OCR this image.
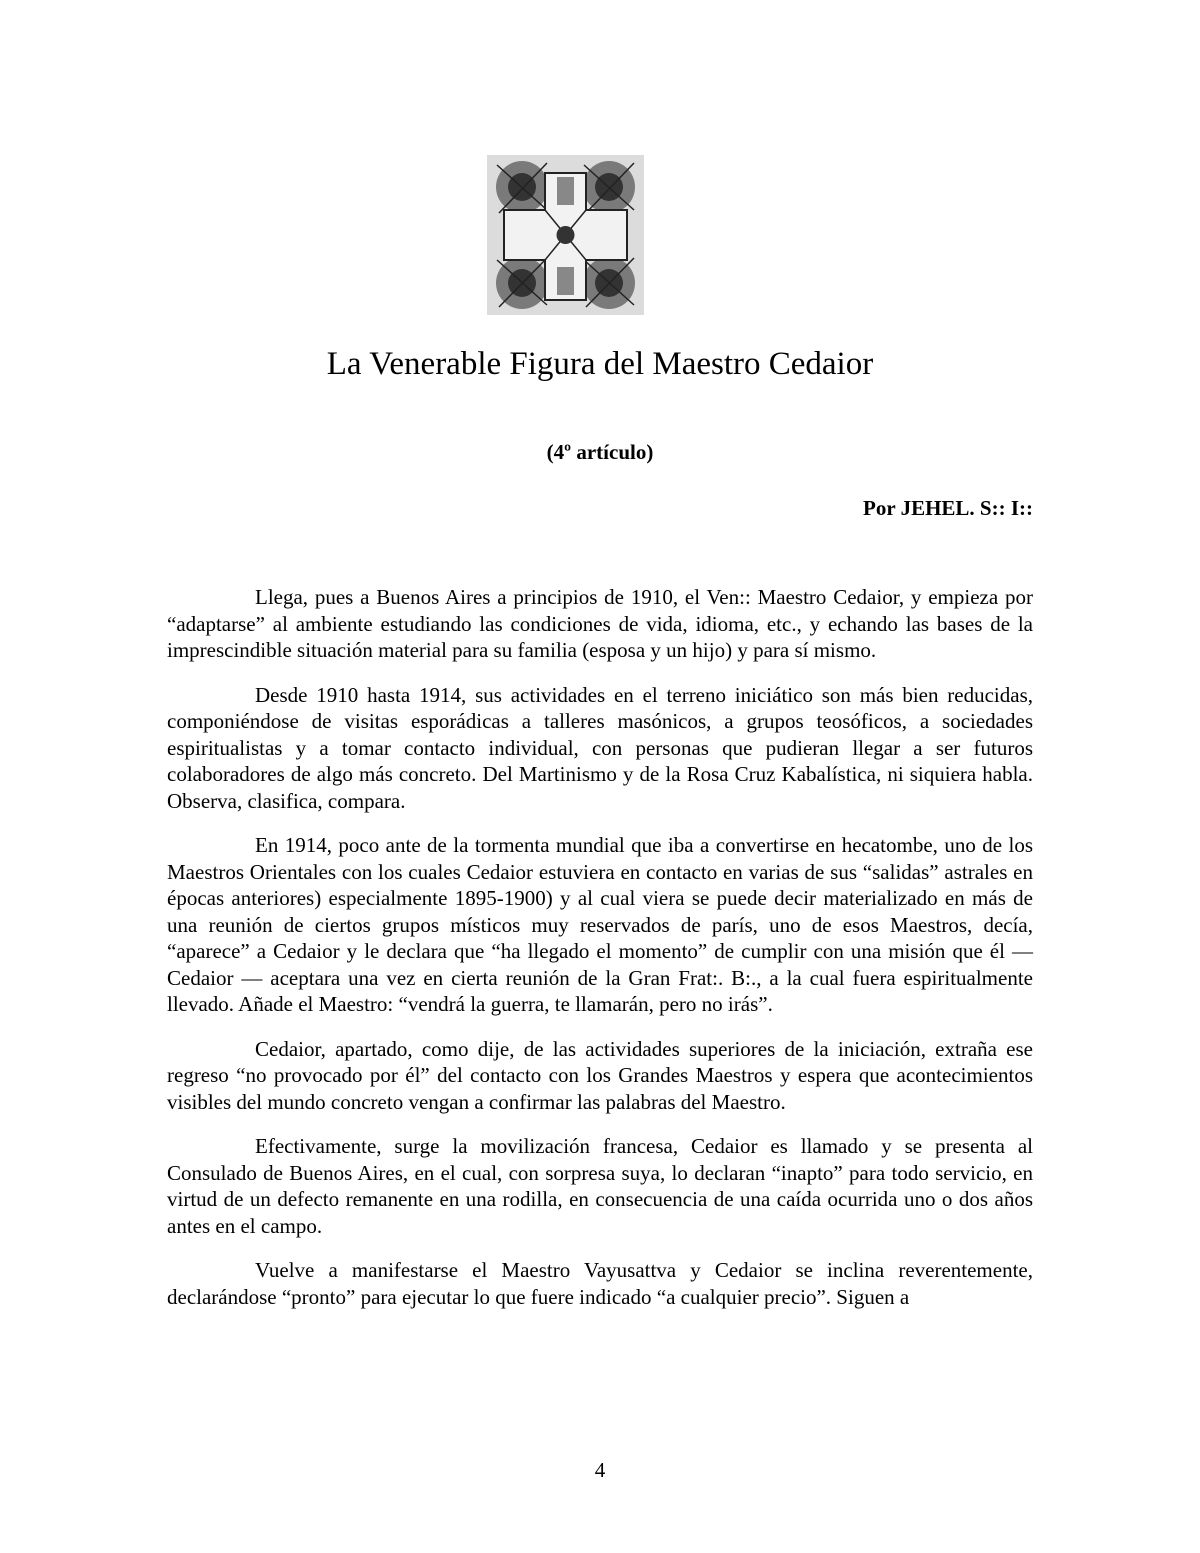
La Venerable Figura del Maestro Cedaior
(4º artículo)
Por JEHEL. S:: I::

Llega, pues a Buenos Aires a principios de 1910, el Ven:: Maestro Cedaior, y empieza por “adaptarse” al ambiente estudiando las condiciones de vida, idioma, etc., y echando las bases de la imprescindible situación material para su familia (esposa y un hijo) y para sí mismo.

Desde 1910 hasta 1914, sus actividades en el terreno iniciático son más bien reducidas, componiéndose de visitas esporádicas a talleres masónicos, a grupos teosóficos, a sociedades espiritualistas y a tomar contacto individual, con personas que pudieran llegar a ser futuros colaboradores de algo más concreto. Del Martinismo y de la Rosa Cruz Kabalística, ni siquiera habla. Observa, clasifica, compara.

En 1914, poco ante de la tormenta mundial que iba a convertirse en hecatombe, uno de los Maestros Orientales con los cuales Cedaior estuviera en contacto en varias de sus “salidas” astrales en épocas anteriores) especialmente 1895-1900) y al cual viera se puede decir materializado en más de una reunión de ciertos grupos místicos muy reservados de parís, uno de esos Maestros, decía, “aparece” a Cedaior y le declara que “ha llegado el momento” de cumplir con una misión que él — Cedaior — aceptara una vez en cierta reunión de la Gran Frat:. B:., a la cual fuera espiritualmente llevado. Añade el Maestro: “vendrá la guerra, te llamarán, pero no irás”.

Cedaior, apartado, como dije, de las actividades superiores de la iniciación, extraña ese regreso “no provocado por él” del contacto con los Grandes Maestros y espera que acontecimientos visibles del mundo concreto vengan a confirmar las palabras del Maestro.

Efectivamente, surge la movilización francesa, Cedaior es llamado y se presenta al Consulado de Buenos Aires, en el cual, con sorpresa suya, lo declaran “inapto” para todo servicio, en virtud de un defecto remanente en una rodilla, en consecuencia de una caída ocurrida uno o dos años antes en el campo.

Vuelve a manifestarse el Maestro Vayusattva y Cedaior se inclina reverentemente, declarándose “pronto” para ejecutar lo que fuere indicado “a cualquier precio”. Siguen a

4
